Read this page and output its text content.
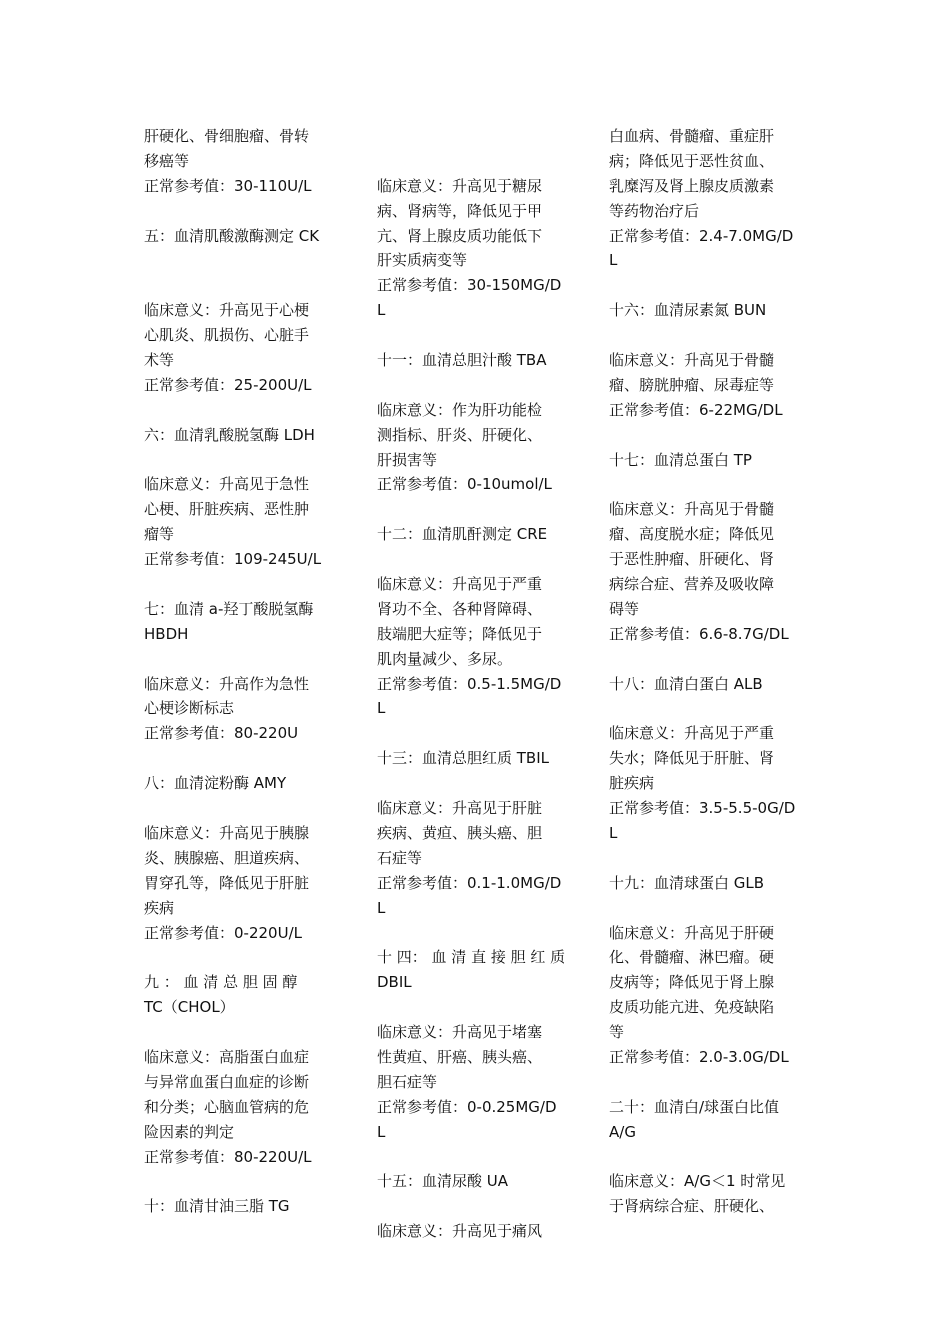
肝硬化、骨细胞瘤、骨转
移癌等
正常参考值：30-110U/L
五：血清肌酸激酶测定 CK
临床意义：升高见于心梗
心肌炎、肌损伤、心脏手
术等
正常参考值：25-200U/L
六：血清乳酸脱氢酶 LDH
临床意义：升高见于急性
心梗、肝脏疾病、恶性肿
瘤等
正常参考值：109-245U/L
七：血清 a-羟丁酸脱氢酶
HBDH
临床意义：升高作为急性
心梗诊断标志
正常参考值：80-220U
八：血清淀粉酶 AMY
临床意义：升高见于胰腺
炎、胰腺癌、胆道疾病、
胃穿孔等，降低见于肝脏
疾病
正常参考值：0-220U/L
九 ： 血 清 总 胆 固 醇
TC（CHOL）
临床意义：高脂蛋白血症
与异常血蛋白血症的诊断
和分类；心脑血管病的危
险因素的判定
正常参考值：80-220U/L
十：血清甘油三脂 TG
临床意义：升高见于糖尿
病、肾病等，降低见于甲
亢、肾上腺皮质功能低下
肝实质病变等
正常参考值：30-150MG/D
L
十一：血清总胆汁酸 TBA
临床意义：作为肝功能检
测指标、肝炎、肝硬化、
肝损害等
正常参考值：0-10umol/L
十二：血清肌酐测定 CRE
临床意义：升高见于严重
肾功不全、各种肾障碍、
肢端肥大症等；降低见于
肌肉量减少、多尿。
正常参考值：0.5-1.5MG/D
L
十三：血清总胆红质 TBIL
临床意义：升高见于肝脏
疾病、黄疸、胰头癌、胆
石症等
正常参考值：0.1-1.0MG/D
L
十 四： 血 清 直 接 胆 红 质
DBIL
临床意义：升高见于堵塞
性黄疸、肝癌、胰头癌、
胆石症等
正常参考值：0-0.25MG/D
L
十五：血清尿酸 UA
临床意义：升高见于痛风
白血病、骨髓瘤、重症肝
病；降低见于恶性贫血、
乳糜泻及肾上腺皮质激素
等药物治疗后
正常参考值：2.4-7.0MG/D
L
十六：血清尿素氮 BUN
临床意义：升高见于骨髓
瘤、膀胱肿瘤、尿毒症等
正常参考值：6-22MG/DL
十七：血清总蛋白 TP
临床意义：升高见于骨髓
瘤、高度脱水症；降低见
于恶性肿瘤、肝硬化、肾
病综合症、营养及吸收障
碍等
正常参考值：6.6-8.7G/DL
十八：血清白蛋白 ALB
临床意义：升高见于严重
失水；降低见于肝脏、肾
脏疾病
正常参考值：3.5-5.5-0G/D
L
十九：血清球蛋白 GLB
临床意义：升高见于肝硬
化、骨髓瘤、淋巴瘤。硬
皮病等；降低见于肾上腺
皮质功能亢进、免疫缺陷
等
正常参考值：2.0-3.0G/DL
二十：血清白/球蛋白比值
A/G
临床意义：A/G＜1 时常见
于肾病综合症、肝硬化、
